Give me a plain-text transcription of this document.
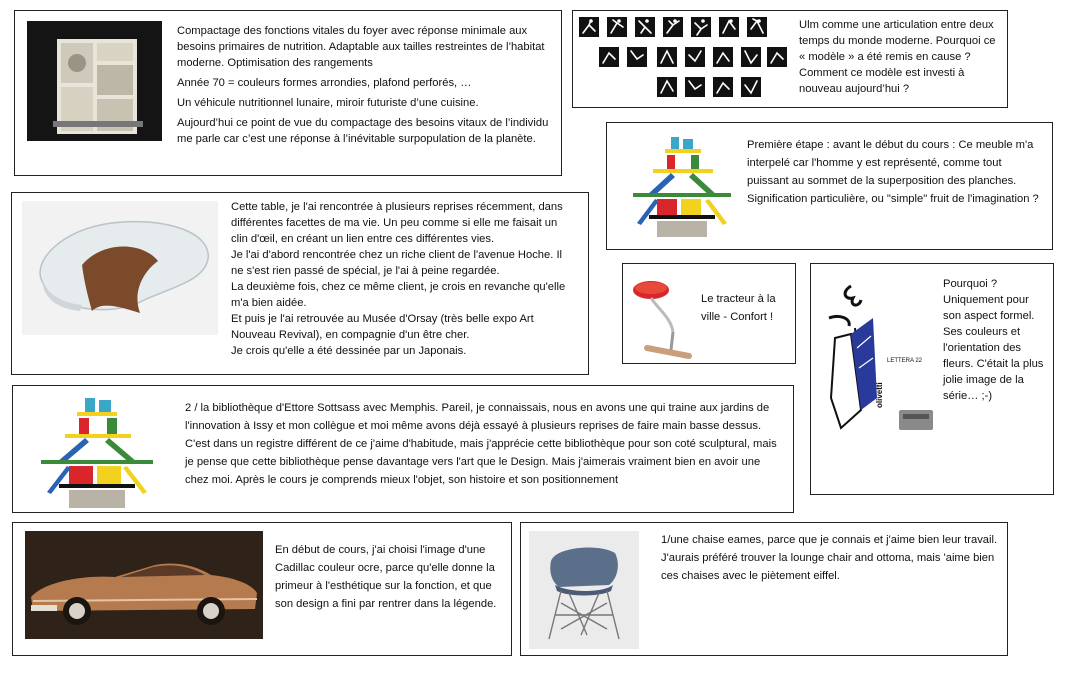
Compactage des fonctions vitales du foyer avec réponse minimale aux besoins primaires de nutrition. Adaptable aux tailles restreintes de l’habitat moderne. Optimisation des rangements

Année 70 = couleurs formes arrondies, plafond perforés, …

Un véhicule nutritionnel lunaire, miroir futuriste d’une cuisine.

Aujourd’hui ce point de vue du compactage des besoins vitaux de l’individu me parle car c’est une réponse à l’inévitable surpopulation de la planète.

Ulm comme une articulation entre deux temps du monde moderne. Pourquoi ce « modèle » a été remis en cause ? Comment ce modèle est investi à nouveau aujourd’hui ?
Première étape : avant le début du cours : Ce meuble m'a interpelé car l'homme y est représenté, comme tout puissant au sommet de la superposition des planches. Signification particulière, ou "simple" fruit de l'imagination ?
Cette table, je l'ai rencontrée à plusieurs reprises récemment, dans
différentes facettes de ma vie. Un peu comme si elle me faisait un
clin d'œil, en créant un lien entre ces différentes vies.
Je l'ai d'abord rencontrée chez un riche client de l'avenue Hoche. Il
ne s'est rien passé de spécial, je l'ai à peine regardée.
La deuxième fois, chez ce même client, je crois en revanche qu'elle
m'a bien aidée.
Et puis je l'ai retrouvée au Musée d'Orsay (très belle expo Art
Nouveau Revival), en compagnie d'un être cher.
Je crois qu'elle a été dessinée par un Japonais.
Le tracteur à la ville - Confort !
LETTERA 22
olivetti
Pourquoi ? Uniquement pour son aspect formel. Ses couleurs et l'orientation des fleurs. C'était la plus jolie image de la série… ;-)
2 / la bibliothèque d'Ettore Sottsass avec Memphis. Pareil, je connaissais, nous en avons une qui traine aux jardins de l'innovation à Issy et mon collègue et moi même avons déjà essayé à plusieurs reprises de faire main basse dessus. C'est dans un registre différent de ce j'aime d'habitude, mais j'apprécie cette bibliothèque pour son coté sculptural, mais je pense que cette bibliothèque pense davantage vers l'art que le Design. Mais j'aimerais vraiment bien en avoir une chez moi. Après le cours je comprends mieux l'objet, son histoire et son positionnement
En début de cours, j'ai choisi l'image d'une Cadillac couleur ocre, parce qu'elle donne la primeur à l'esthétique sur la fonction, et que son design a fini par rentrer dans la légende.
1/une chaise eames, parce que je connais et j'aime bien leur travail. J'aurais préféré trouver la lounge chair and ottoma, mais 'aime bien ces chaises avec le piètement eiffel.
